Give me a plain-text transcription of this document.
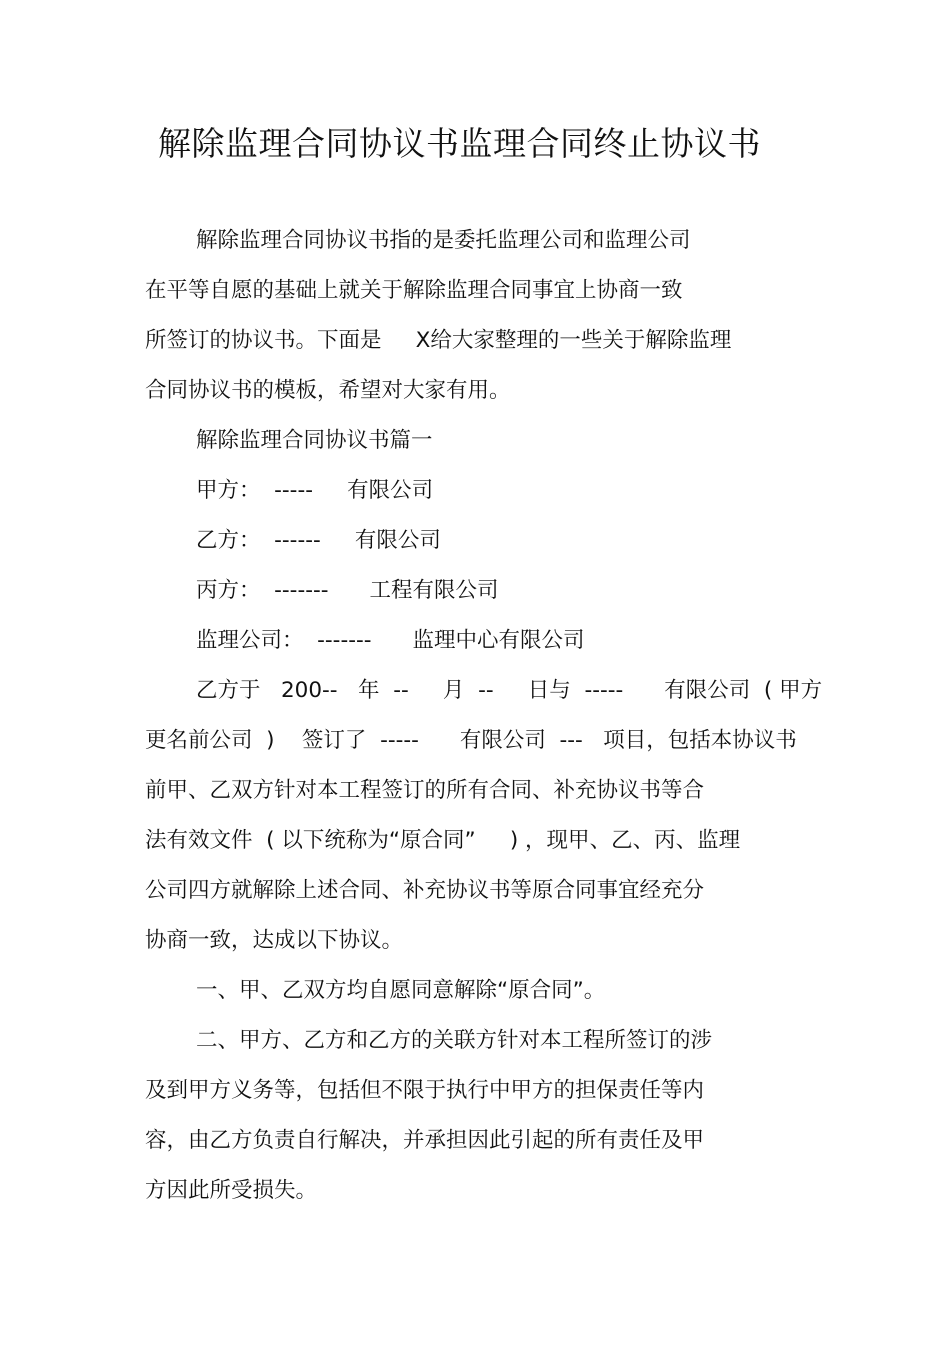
解除监理合同协议书监理合同终止协议书
解除监理合同协议书指的是委托监理公司和监理公司
在平等自愿的基础上就关于解除监理合同事宜上协商一致
所签订的协议书。下面是     X给大家整理的一些关于解除监理
合同协议书的模板，希望对大家有用。
解除监理合同协议书篇一
甲方：  -----     有限公司
乙方：  ------     有限公司
丙方：  -------      工程有限公司
监理公司：  -------      监理中心有限公司
乙方于   200--   年  --     月  --     日与  -----      有限公司  ( 甲方
更名前公司  )    签订了  -----      有限公司  ---   项目，包括本协议书
前甲、乙双方针对本工程签订的所有合同、补充协议书等合
法有效文件  ( 以下统称为“原合同”     ) ，现甲、乙、丙、监理
公司四方就解除上述合同、补充协议书等原合同事宜经充分
协商一致，达成以下协议。
一、甲、乙双方均自愿同意解除“原合同”。
二、甲方、乙方和乙方的关联方针对本工程所签订的涉
及到甲方义务等，包括但不限于执行中甲方的担保责任等内
容，由乙方负责自行解决，并承担因此引起的所有责任及甲
方因此所受损失。
